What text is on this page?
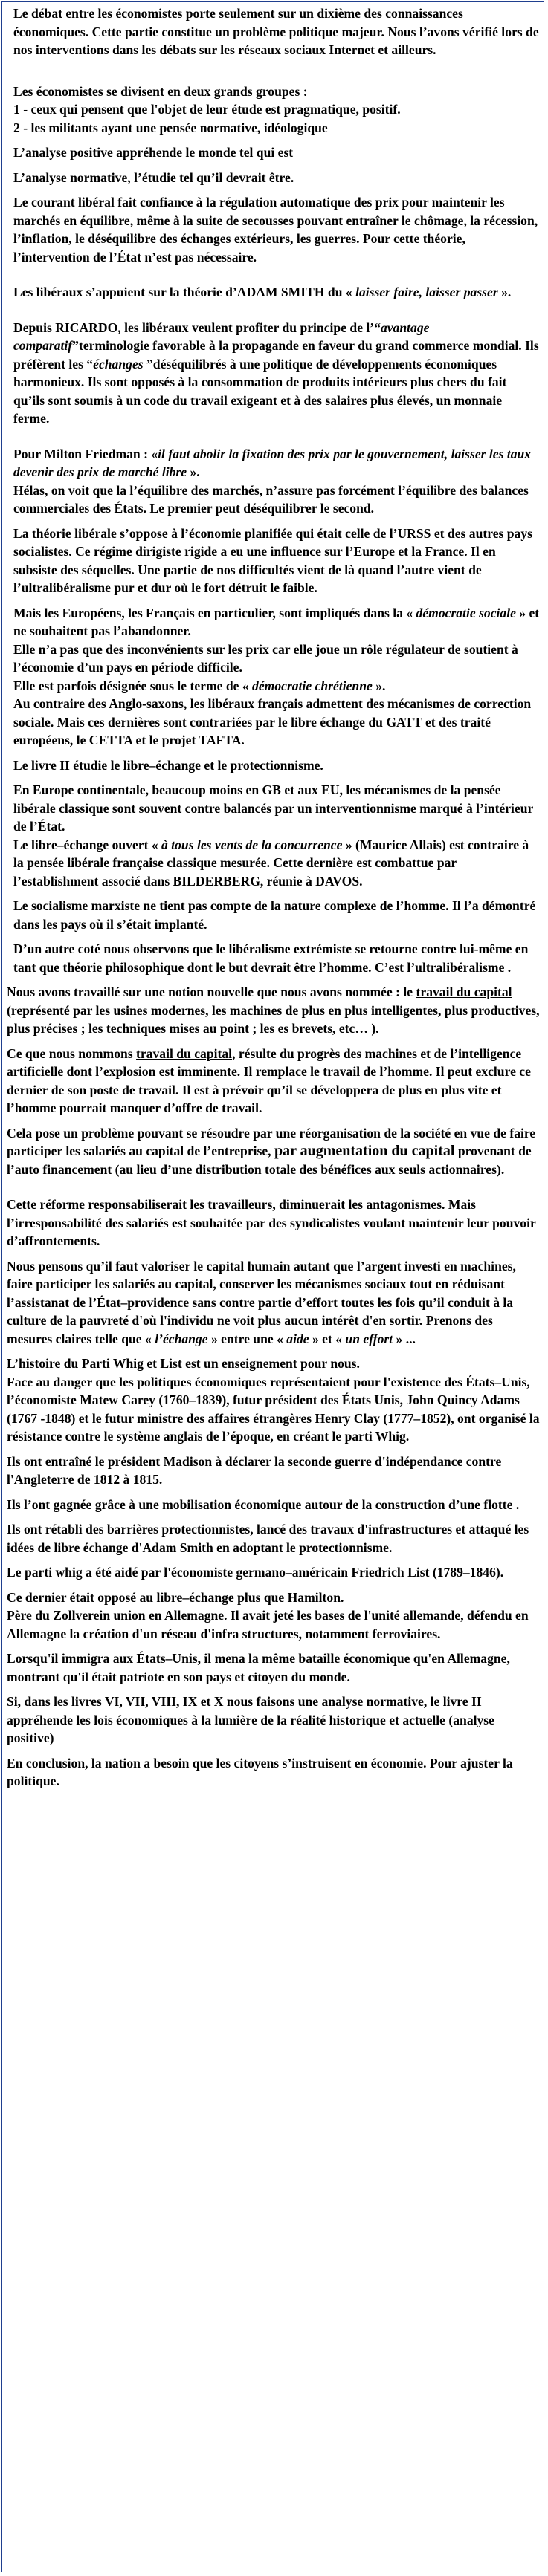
Le débat entre les économistes porte seulement sur un dixième des connaissances économiques. Cette partie constitue un problème politique majeur. Nous l’avons vérifié lors de nos interventions dans les débats sur les réseaux sociaux Internet et ailleurs.

Les économistes se divisent en deux grands groupes :
1 - ceux qui pensent que l'objet de leur étude est pragmatique, positif.
2 - les militants ayant une pensée normative, idéologique

L’analyse positive appréhende le monde tel qui est

L’analyse normative, l’étudie tel qu’il devrait être.

Le courant libéral fait confiance à la régulation automatique des prix pour maintenir les marchés en équilibre, même à la suite de secousses pouvant entraîner le chômage, la récession, l’inflation, le déséquilibre des échanges extérieurs, les guerres. Pour cette théorie, l’intervention de l’État n’est pas nécessaire.

Les libéraux s’appuient sur la théorie d’ADAM SMITH du « laisser faire, laisser passer ».

Depuis RICARDO, les libéraux veulent profiter du principe de l’“avantage comparatif”terminologie favorable à la propagande en faveur du grand commerce mondial. Ils préfèrent les “échanges ”déséquilibrés à une politique de développements économiques harmonieux. Ils sont opposés à la consommation de produits intérieurs plus chers du fait qu’ils sont soumis à un code du travail exigeant et à des salaires plus élevés, un monnaie ferme.

Pour Milton Friedman : «il faut abolir la fixation des prix par le gouvernement, laisser les taux devenir des prix de marché libre ».
Hélas, on voit que la l’équilibre des marchés, n’assure pas forcément l’équilibre des balances commerciales des États. Le premier peut déséquilibrer le second.

La théorie libérale s’oppose à l’économie planifiée qui était celle de l’URSS et des autres pays socialistes. Ce régime dirigiste rigide a eu une influence sur l’Europe et la France. Il en subsiste des séquelles. Une partie de nos difficultés vient de là quand l’autre vient de l’ultralibéralisme pur et dur où le fort détruit le faible.

Mais les Européens, les Français en particulier, sont impliqués dans la « démocratie sociale » et ne souhaitent pas l’abandonner.
Elle n’a pas que des inconvénients sur les prix car elle joue un rôle régulateur de soutient à l’économie d’un pays en période difficile.
Elle est parfois désignée sous le terme de « démocratie chrétienne ».
Au contraire des Anglo-saxons, les libéraux français admettent des mécanismes de correction sociale. Mais ces dernières sont contrariées par le libre échange du GATT et des traité européens, le CETTA et le projet TAFTA.

Le livre II étudie le libre–échange et le protectionnisme.

En Europe continentale, beaucoup moins en GB et aux EU, les mécanismes de la pensée libérale classique sont souvent contre balancés par un interventionnisme marqué à l’intérieur de l’État.
Le libre–échange ouvert « à tous les vents de la concurrence » (Maurice Allais) est contraire à la pensée libérale française classique mesurée. Cette dernière est combattue par l’establishment associé dans BILDERBERG, réunie à DAVOS.

Le socialisme marxiste ne tient pas compte de la nature complexe de l’homme. Il l’a démontré dans les pays où il s’était implanté.

D’un autre coté nous observons que le libéralisme extrémiste se retourne contre lui-même en tant que théorie philosophique dont le but devrait être l’homme. C’est l’ultralibéralisme .

Nous avons travaillé sur une notion nouvelle que nous avons nommée : le travail du capital (représenté par les usines modernes, les machines de plus en plus intelligentes, plus productives, plus précises ; les techniques mises au point ; les es brevets, etc… ).

Ce que nous nommons travail du capital, résulte du progrès des machines et de l’intelligence artificielle dont l’explosion est imminente. Il remplace le travail de l’homme. Il peut exclure ce dernier de son poste de travail. Il est à prévoir qu’il se développera de plus en plus vite et l’homme pourrait manquer d’offre de travail.

Cela pose un problème pouvant se résoudre par une réorganisation de la société en vue de faire participer les salariés au capital de l’entreprise, par augmentation du capital provenant de l’auto financement (au lieu d’une distribution totale des bénéfices aux seuls actionnaires).

Cette réforme responsabiliserait les travailleurs, diminuerait les antagonismes. Mais l’irresponsabilité des salariés est souhaitée par des syndicalistes voulant maintenir leur pouvoir d’affrontements.

Nous pensons qu’il faut valoriser le capital humain autant que l’argent investi en machines, faire participer les salariés au capital, conserver les mécanismes sociaux tout en réduisant l’assistanat de l’État–providence sans contre partie d’effort toutes les fois qu’il conduit à la culture de la pauvreté d'où l'individu ne voit plus aucun intérêt d'en sortir. Prenons des mesures claires telle que « l’échange » entre une « aide » et « un effort » ...

L’histoire du Parti Whig et List est un enseignement pour nous.
Face au danger que les politiques économiques représentaient pour l'existence des États–Unis, l’économiste Matew Carey (1760–1839), futur président des États Unis, John Quincy Adams (1767 -1848) et le futur ministre des affaires étrangères Henry Clay (1777–1852), ont organisé la résistance contre le système anglais de l’époque, en créant le parti Whig.

Ils ont entraîné le président Madison à déclarer la seconde guerre d'indépendance contre l'Angleterre de 1812 à 1815.

Ils l’ont gagnée grâce à une mobilisation économique autour de la construction d’une flotte .

Ils ont rétabli des barrières protectionnistes, lancé des travaux d'infrastructures et attaqué les idées de libre échange d'Adam Smith en adoptant le protectionnisme.

Le parti whig a été aidé par l'économiste germano–américain Friedrich List (1789–1846).

Ce dernier était opposé au libre–échange plus que Hamilton.
Père du Zollverein union en Allemagne. Il avait jeté les bases de l'unité allemande, défendu en Allemagne la création d'un réseau d'infra structures, notamment ferroviaires.

Lorsqu'il immigra aux États–Unis, il mena la même bataille économique qu'en Allemagne, montrant qu'il était patriote en son pays et citoyen du monde.

Si, dans les livres VI, VII, VIII, IX et X nous faisons une analyse normative, le livre II appréhende les lois économiques à la lumière de la réalité historique et actuelle (analyse positive)

En conclusion, la nation a besoin que les citoyens s’instruisent en économie. Pour ajuster la politique.
